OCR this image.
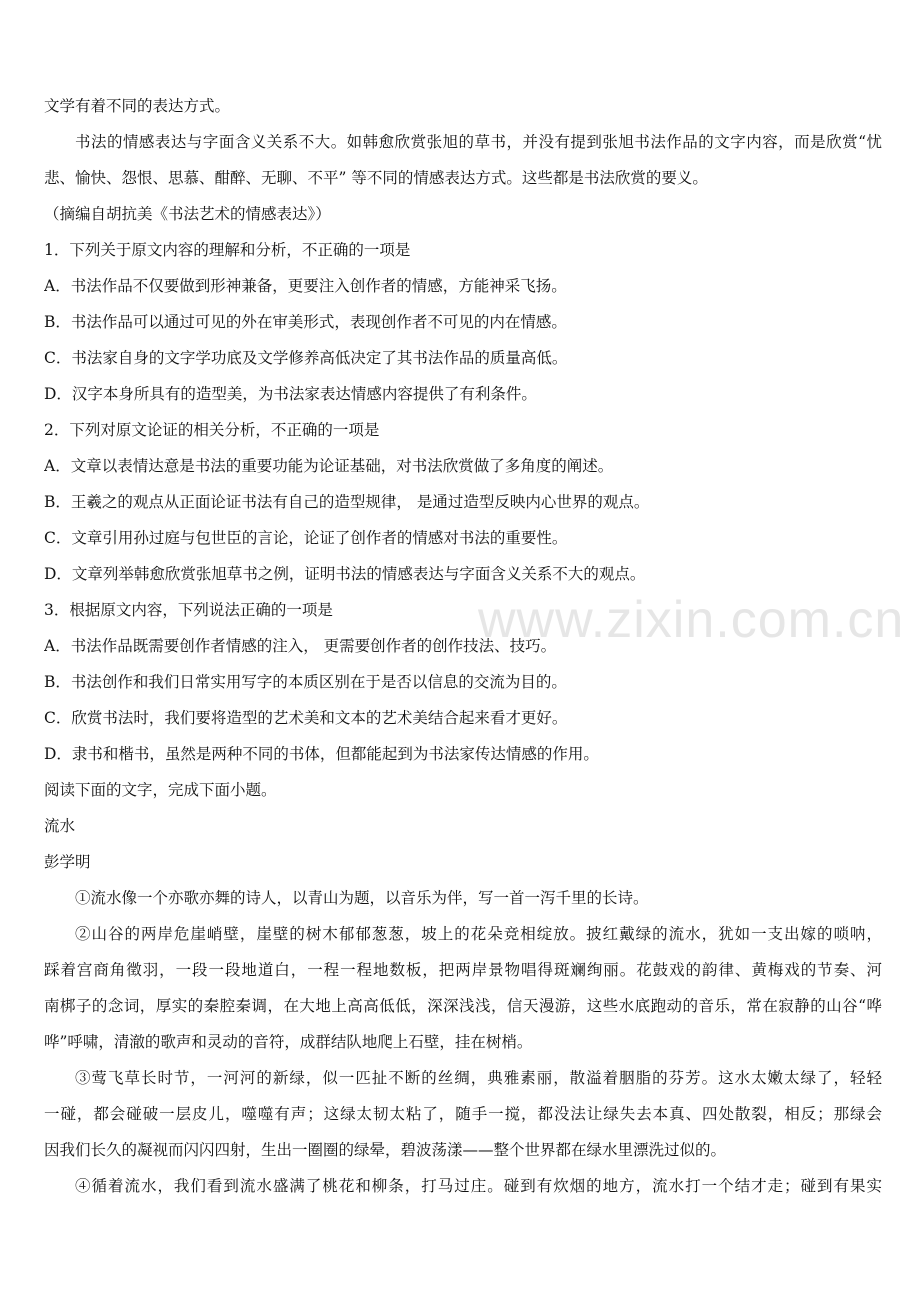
www.zixin.com.cn
文学有着不同的表达方式。
书法的情感表达与字面含义关系不大。如韩愈欣赏张旭的草书，并没有提到张旭书法作品的文字内容，而是欣赏“忧
悲、愉快、怨恨、思慕、酣醉、无聊、不平” 等不同的情感表达方式。这些都是书法欣赏的要义。
（摘编自胡抗美《书法艺术的情感表达》）
1．下列关于原文内容的理解和分析，不正确的一项是
A．书法作品不仅要做到形神兼备，更要注入创作者的情感，方能神采飞扬。
B．书法作品可以通过可见的外在审美形式，表现创作者不可见的内在情感。
C．书法家自身的文字学功底及文学修养高低决定了其书法作品的质量高低。
D．汉字本身所具有的造型美，为书法家表达情感内容提供了有利条件。
2．下列对原文论证的相关分析，不正确的一项是
A．文章以表情达意是书法的重要功能为论证基础，对书法欣赏做了多角度的阐述。
B．王羲之的观点从正面论证书法有自己的造型规律， 是通过造型反映内心世界的观点。
C．文章引用孙过庭与包世臣的言论，论证了创作者的情感对书法的重要性。
D．文章列举韩愈欣赏张旭草书之例，证明书法的情感表达与字面含义关系不大的观点。
3．根据原文内容，下列说法正确的一项是
A．书法作品既需要创作者情感的注入， 更需要创作者的创作技法、技巧。
B．书法创作和我们日常实用写字的本质区别在于是否以信息的交流为目的。
C．欣赏书法时，我们要将造型的艺术美和文本的艺术美结合起来看才更好。
D．隶书和楷书，虽然是两种不同的书体，但都能起到为书法家传达情感的作用。
阅读下面的文字，完成下面小题。
流水
彭学明
①流水像一个亦歌亦舞的诗人，以青山为题，以音乐为伴，写一首一泻千里的长诗。
②山谷的两岸危崖峭壁，崖壁的树木郁郁葱葱，坡上的花朵竞相绽放。披红戴绿的流水，犹如一支出嫁的唢呐，
踩着宫商角徵羽，一段一段地道白，一程一程地数板，把两岸景物唱得斑斓绚丽。花鼓戏的韵律、黄梅戏的节奏、河
南梆子的念词，厚实的秦腔秦调，在大地上高高低低，深深浅浅，信天漫游，这些水底跑动的音乐，常在寂静的山谷“哗
哗”呼啸，清澈的歌声和灵动的音符，成群结队地爬上石壁，挂在树梢。
③莺飞草长时节，一河河的新绿，似一匹扯不断的丝绸，典雅素丽，散溢着胭脂的芬芳。这水太嫩太绿了，轻轻
一碰，都会碰破一层皮儿，噬噬有声；这绿太韧太粘了，随手一搅，都没法让绿失去本真、四处散裂，相反；那绿会
因我们长久的凝视而闪闪四射，生出一圈圈的绿晕，碧波荡漾——整个世界都在绿水里漂洗过似的。
④循着流水，我们看到流水盛满了桃花和柳条，打马过庄。碰到有炊烟的地方，流水打一个结才走；碰到有果实
